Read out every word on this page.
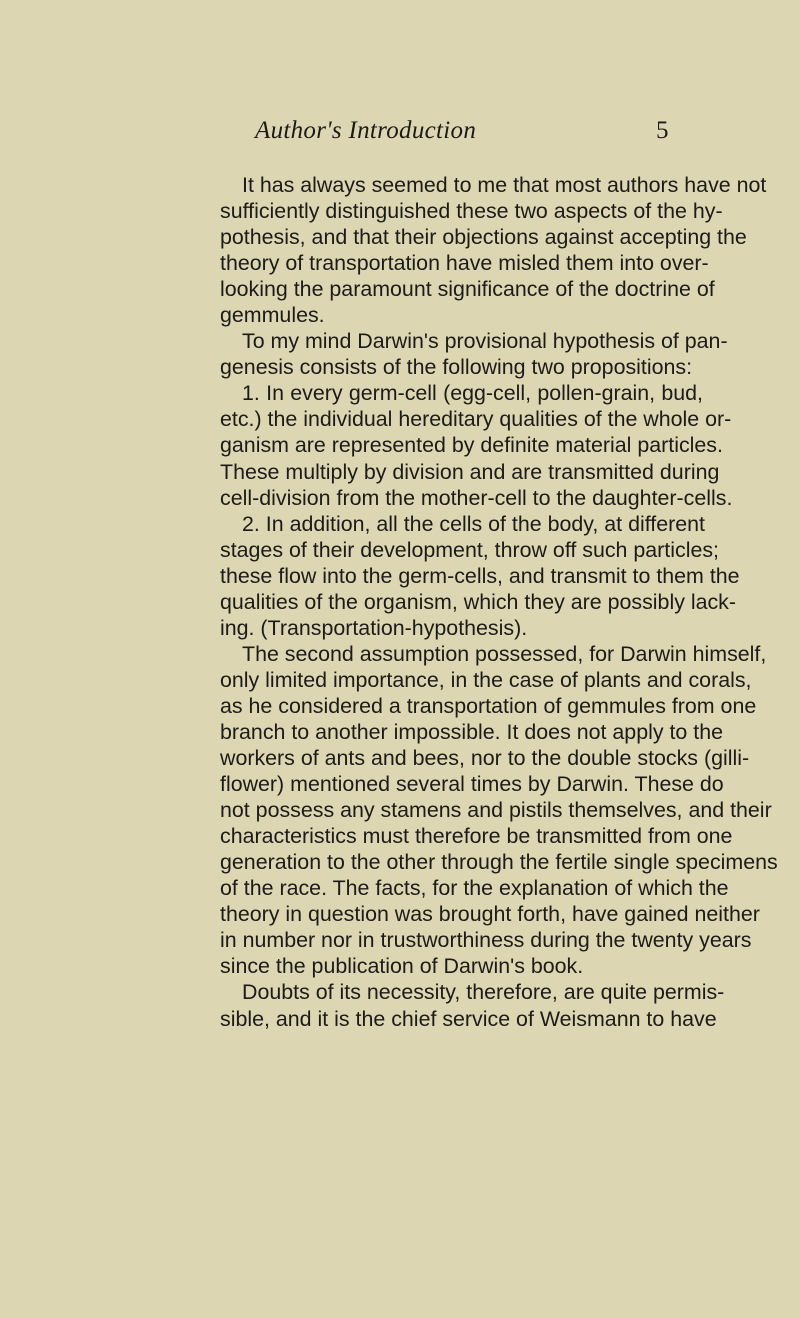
Author's Introduction	5
It has always seemed to me that most authors have not
sufficiently distinguished these two aspects of the hy-
pothesis, and that their objections against accepting the
theory of transportation have misled them into over-
looking the paramount significance of the doctrine of
gemmules.
To my mind Darwin's provisional hypothesis of pan-
genesis consists of the following two propositions:
1. In every germ-cell (egg-cell, pollen-grain, bud,
etc.) the individual hereditary qualities of the whole or-
ganism are represented by definite material particles.
These multiply by division and are transmitted during
cell-division from the mother-cell to the daughter-cells.
2. In addition, all the cells of the body, at different
stages of their development, throw off such particles;
these flow into the germ-cells, and transmit to them the
qualities of the organism, which they are possibly lack-
ing. (Transportation-hypothesis).
The second assumption possessed, for Darwin himself,
only limited importance, in the case of plants and corals,
as he considered a transportation of gemmules from one
branch to another impossible. It does not apply to the
workers of ants and bees, nor to the double stocks (gilli-
flower) mentioned several times by Darwin. These do
not possess any stamens and pistils themselves, and their
characteristics must therefore be transmitted from one
generation to the other through the fertile single specimens
of the race. The facts, for the explanation of which the
theory in question was brought forth, have gained neither
in number nor in trustworthiness during the twenty years
since the publication of Darwin's book.
Doubts of its necessity, therefore, are quite permis-
sible, and it is the chief service of Weismann to have
